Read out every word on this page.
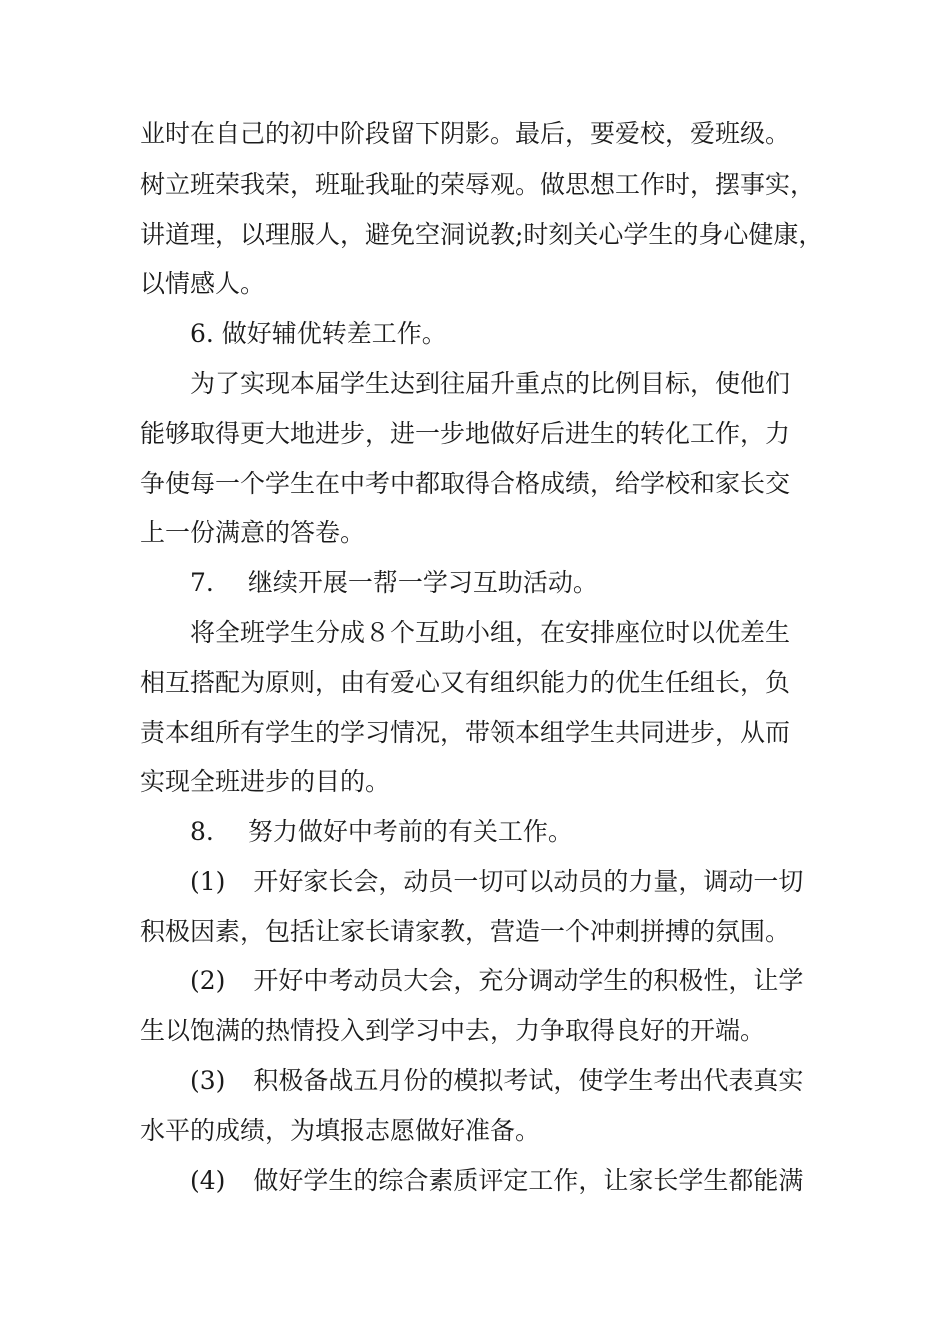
业时在自己的初中阶段留下阴影。最后，要爱校，爱班级。
树立班荣我荣，班耻我耻的荣辱观。做思想工作时，摆事实，
讲道理，以理服人，避免空洞说教;时刻关心学生的身心健康，
以情感人。
6. 做好辅优转差工作。
为了实现本届学生达到往届升重点的比例目标，使他们
能够取得更大地进步，进一步地做好后进生的转化工作，力
争使每一个学生在中考中都取得合格成绩，给学校和家长交
上一份满意的答卷。
7. 继续开展一帮一学习互助活动。
将全班学生分成８个互助小组，在安排座位时以优差生
相互搭配为原则，由有爱心又有组织能力的优生任组长，负
责本组所有学生的学习情况，带领本组学生共同进步，从而
实现全班进步的目的。
8. 努力做好中考前的有关工作。
(1) 开好家长会，动员一切可以动员的力量，调动一切
积极因素，包括让家长请家教，营造一个冲刺拼搏的氛围。
(2) 开好中考动员大会，充分调动学生的积极性，让学
生以饱满的热情投入到学习中去，力争取得良好的开端。
(3) 积极备战五月份的模拟考试，使学生考出代表真实
水平的成绩，为填报志愿做好准备。
(4) 做好学生的综合素质评定工作，让家长学生都能满
